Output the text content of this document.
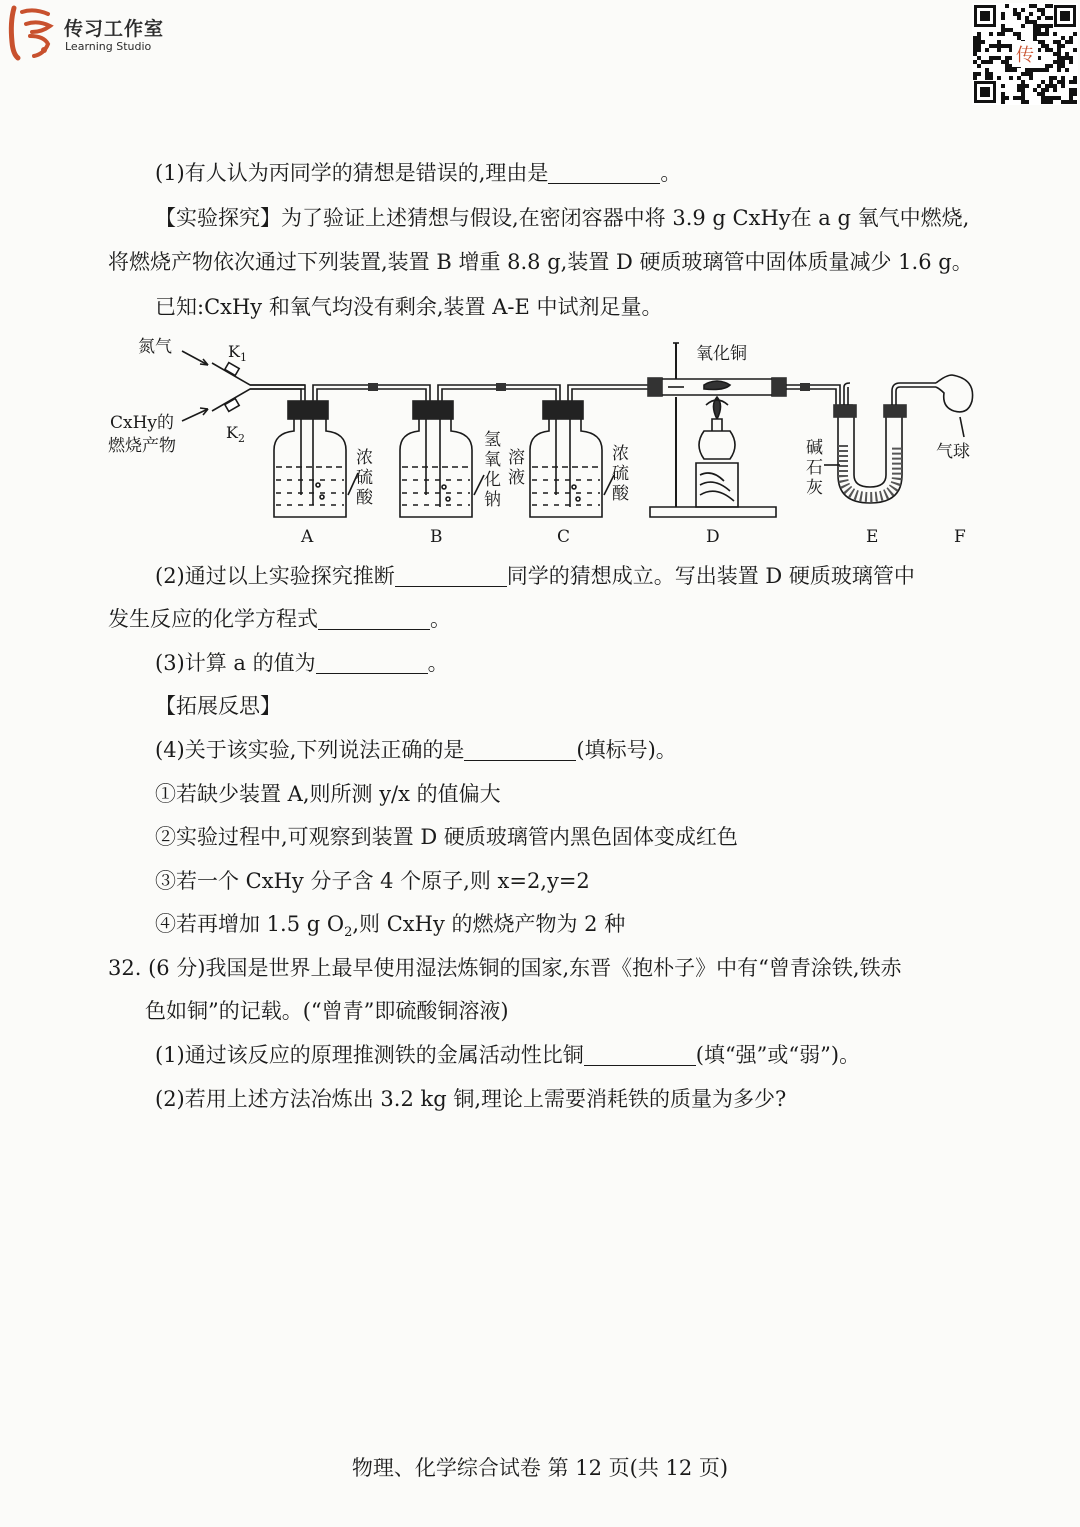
传习工作室
Learning Studio	传
(1)有人认为丙同学的猜想是错误的,理由是	。
【实验探究】为了验证上述猜想与假设,在密闭容器中将 3.9 g CxHy在 a g 氧气中燃烧,
将燃烧产物依次通过下列装置,装置 B 增重 8.8 g,装置 D 硬质玻璃管中固体质量减少 1.6 g。
已知:CxHy 和氧气均没有剩余,装置 A-E 中试剂足量。
氮气	$K_1$
CxHy的
燃烧产物
$K_2$
浓
硫
酸
氢
氧
化
钠
溶
液
浓
硫
酸
氧化铜
碱
石
灰
气球
A	B	C	D	E	F
(2)通过以上实验探究推断	同学的猜想成立。写出装置 D 硬质玻璃管中
发生反应的化学方程式	。
(3)计算 a 的值为	。
【拓展反思】
(4)关于该实验,下列说法正确的是	(填标号)。
①若缺少装置 A,则所测 y/x 的值偏大
②实验过程中,可观察到装置 D 硬质玻璃管内黑色固体变成红色
③若一个 CxHy 分子含 4 个原子,则 x=2,y=2
④若再增加 1.5 g $O_2$,则 CxHy 的燃烧产物为 2 种
32. (6 分)我国是世界上最早使用湿法炼铜的国家,东晋《抱朴子》中有“曾青涂铁,铁赤
色如铜”的记载。(“曾青”即硫酸铜溶液)
(1)通过该反应的原理推测铁的金属活动性比铜	(填“强”或“弱”)。
(2)若用上述方法冶炼出 3.2 kg 铜,理论上需要消耗铁的质量为多少?
物理、化学综合试卷 第 12 页(共 12 页)
